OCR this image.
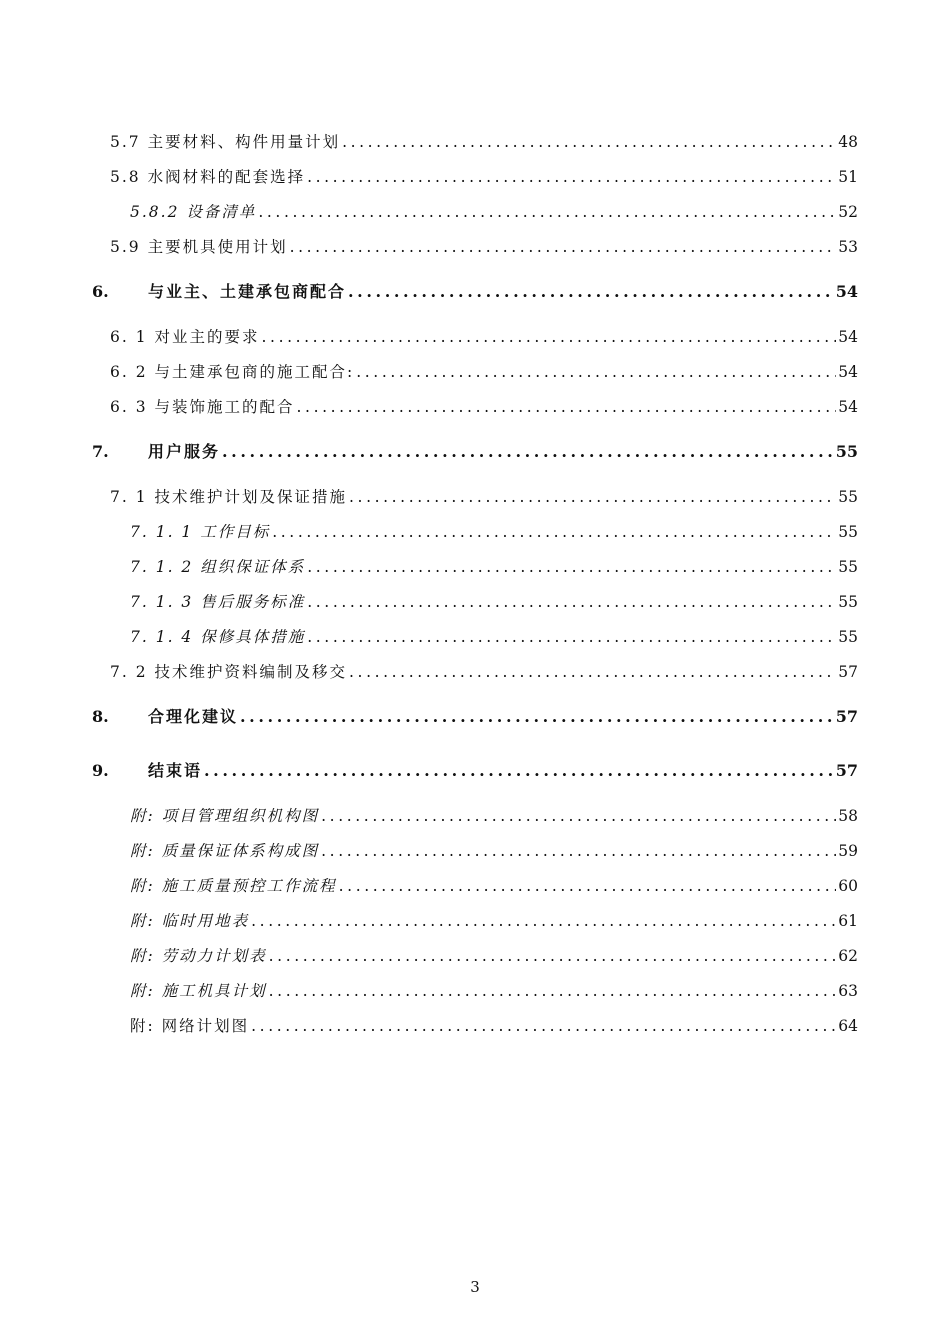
5.7 主要材料、构件用量计划 .....	48
5.8 水阀材料的配套选择 .....	51
5.8.2 设备清单 .....	52
5.9 主要机具使用计划 .....	53
6.	与业主、土建承包商配合 .....	54
6. 1 对业主的要求 .....	54
6. 2 与土建承包商的施工配合: .....	54
6. 3 与装饰施工的配合 .....	54
7.	用户服务 .....	55
7. 1 技术维护计划及保证措施 .....	55
7. 1. 1 工作目标 .....	55
7. 1. 2 组织保证体系 .....	55
7. 1. 3 售后服务标准 .....	55
7. 1. 4 保修具体措施 .....	55
7. 2 技术维护资料编制及移交 .....	57
8.	合理化建议 .....	57
9.	结束语 .....	57
附: 项目管理组织机构图 .....	58
附: 质量保证体系构成图 .....	59
附: 施工质量预控工作流程 .....	60
附: 临时用地表 .....	61
附: 劳动力计划表 .....	62
附: 施工机具计划 .....	63
附: 网络计划图 .....	64
3
